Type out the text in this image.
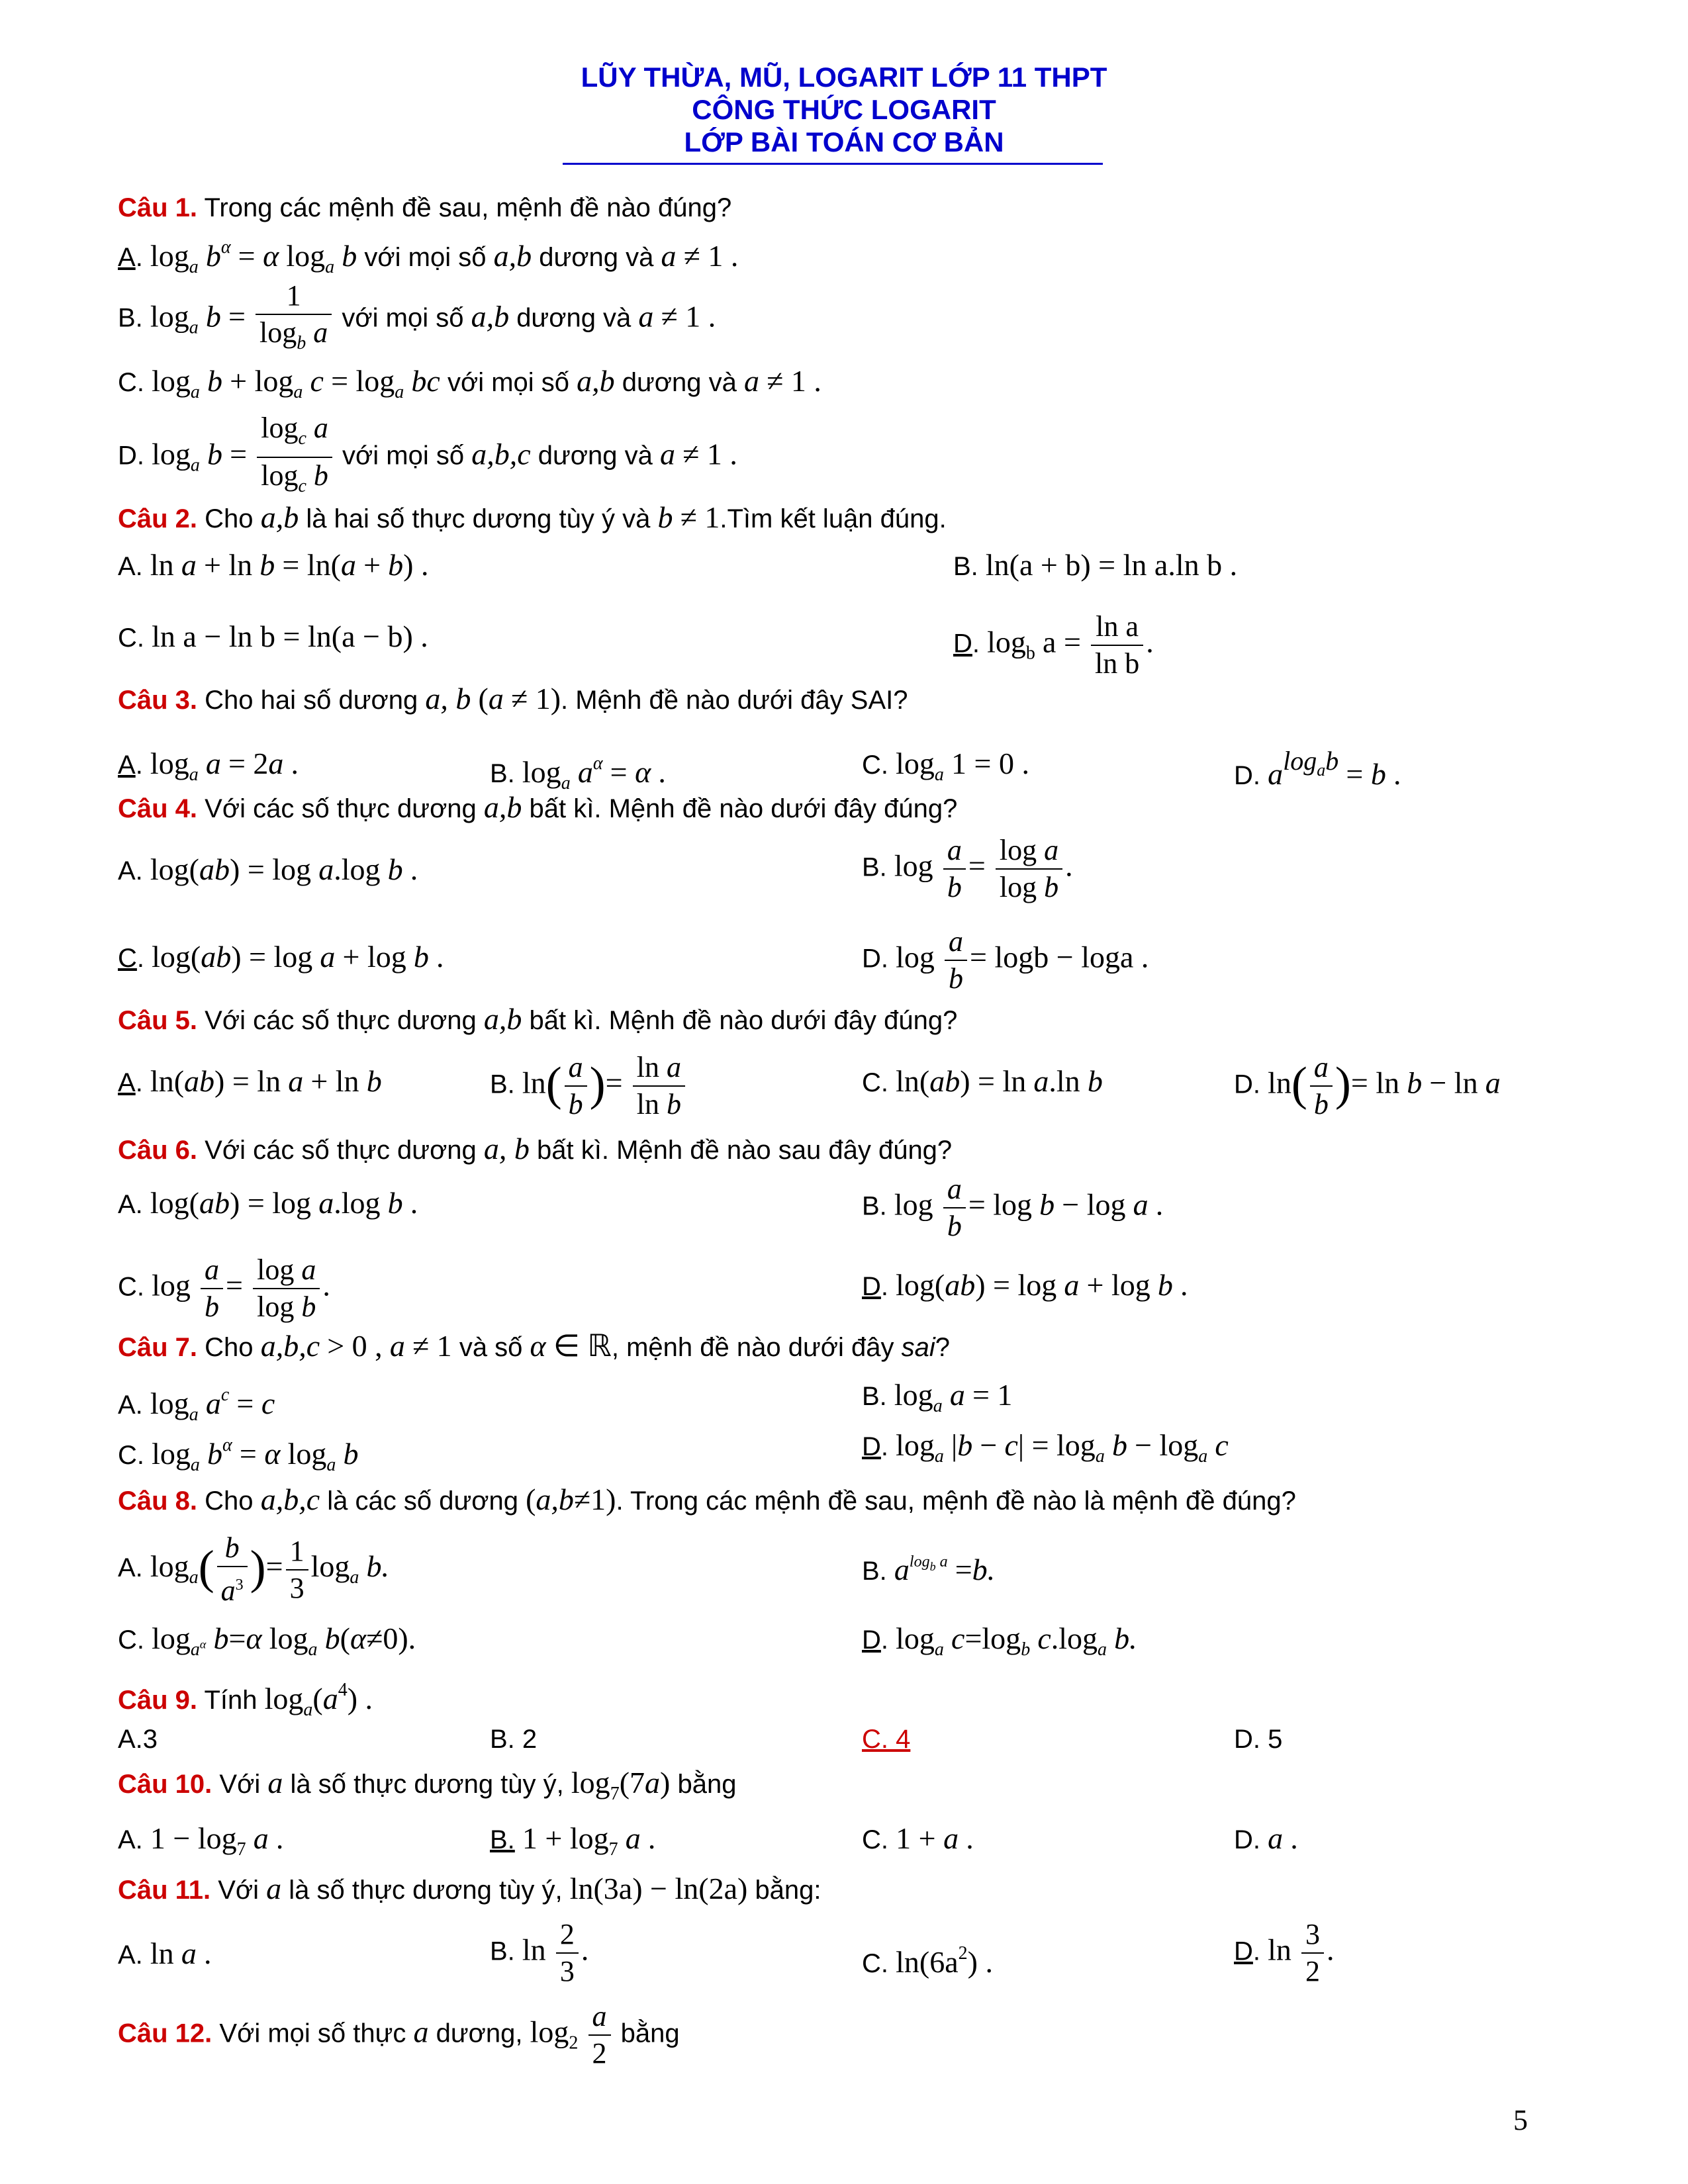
LŨY THỪA, MŨ, LOGARIT LỚP 11 THPT
CÔNG THỨC LOGARIT
LỚP BÀI TOÁN CƠ BẢN
Câu 1. Trong các mệnh đề sau, mệnh đề nào đúng?
A. $\log_a b^\alpha = \alpha$ $\log_a b$ với mọi số a,b dương và a ≠ 1 .
B. $\log_a b = \frac{1}{\log_b a}$ với mọi số a,b dương và a ≠ 1 .
C. $\log_a b + \log_a c = \log_a$ bc với mọi số a,b dương và a ≠ 1 .
D. $\log_a b = \frac{\log_c a}{\log_c b}$ với mọi số a,b,c dương và a ≠ 1 .
Câu 2. Cho a,b là hai số thực dương tùy ý và b ≠ 1.Tìm kết luận đúng.
A. ln a + ln b = ln(a + b) .	B. ln(a + b) = ln a.ln b .
C. ln a − ln b = ln(a − b) .	D. $\log_b a = \frac{\text{ln a}}{\text{ln b}}$ .
Câu 3. Cho hai số dương a, b (a ≠ 1). Mệnh đề nào dưới đây SAI?
A. $\log_a a = 2a$ .	B. $\log_a a^\alpha = \alpha$ .	C. $\log_a 1 = 0$ .	D. alog$_a$b = b .
Câu 4. Với các số thực dương a,b bất kì. Mệnh đề nào dưới đây đúng?
A. log(ab) = log a.log b .	B. $\log \frac{a}{b} = \frac{\text{log a}}{\text{log b}}$ .
C. log(ab) = log a + log b .	D. $\log \frac{a}{b} = \log b - \log a$ .
Câu 5. Với các số thực dương a,b bất kì. Mệnh đề nào dưới đây đúng?
A. ln(ab) = ln a + ln b	B. $\ln( \frac{a}{b}$ )= $\frac{\text{ln a}}{\text{ln b}}$	C. ln(ab) = ln a.ln b	D. $\ln( \frac{a}{b}$ )= ln b − ln a
Câu 6. Với các số thực dương a, b bất kì. Mệnh đề nào sau đây đúng?
A. log(ab) = log a.log b .	B. $\log \frac{a}{b} = \log b - \log a$ .
C. $\log \frac{a}{b} = \frac{\text{log a}}{\text{log b}}$ .	D. log(ab) = log a + log b .
Câu 7. Cho a,b,c > 0 , a ≠ 1 và số α ∈ ℝ, mệnh đề nào dưới đây sai?
A. $\log_a a^c = c$	B. $\log_a a = 1$
C. $\log_a b^\alpha = \alpha$ $\log_a b$	D. $\log_a |b - c| = \log_a b - \log_a c$
Câu 8. Cho a,b,c là các số dương (a,b≠1). Trong các mệnh đề sau, mệnh đề nào là mệnh đề đúng?
A. $\log_a( \frac{b}{a^3}$ )= $\frac{1}{3} \log_a b$.	B. $a^{log_b a} =b$.
C. $\log_{a^\alpha} b=\alpha$ $\log_a b(\alpha\ne 0)$.	D. $\log_a c=\log_b$ $c.\log_a$ b.
Câu 9. Tính $\log_a(a^4)$ .
A.3	B. 2	C. 4	D. 5
Câu 10. Với a là số thực dương tùy ý, $\log_7(7a)$ bằng
A. $1 - \log_7 a$ .	B. $1 + \log_7 a$ .	C. 1 + a .	D. a .
Câu 11. Với a là số thực dương tùy ý, ln(3a) − ln(2a) bằng:
A. ln a .	B. $\ln \frac{2}{3}$ .	C. $\ln(6a^2)$ .	D. $\ln \frac{3}{2}$ .
Câu 12. Với mọi số thực a dương, $\log_2 \frac{a}{2}$ bằng
5
